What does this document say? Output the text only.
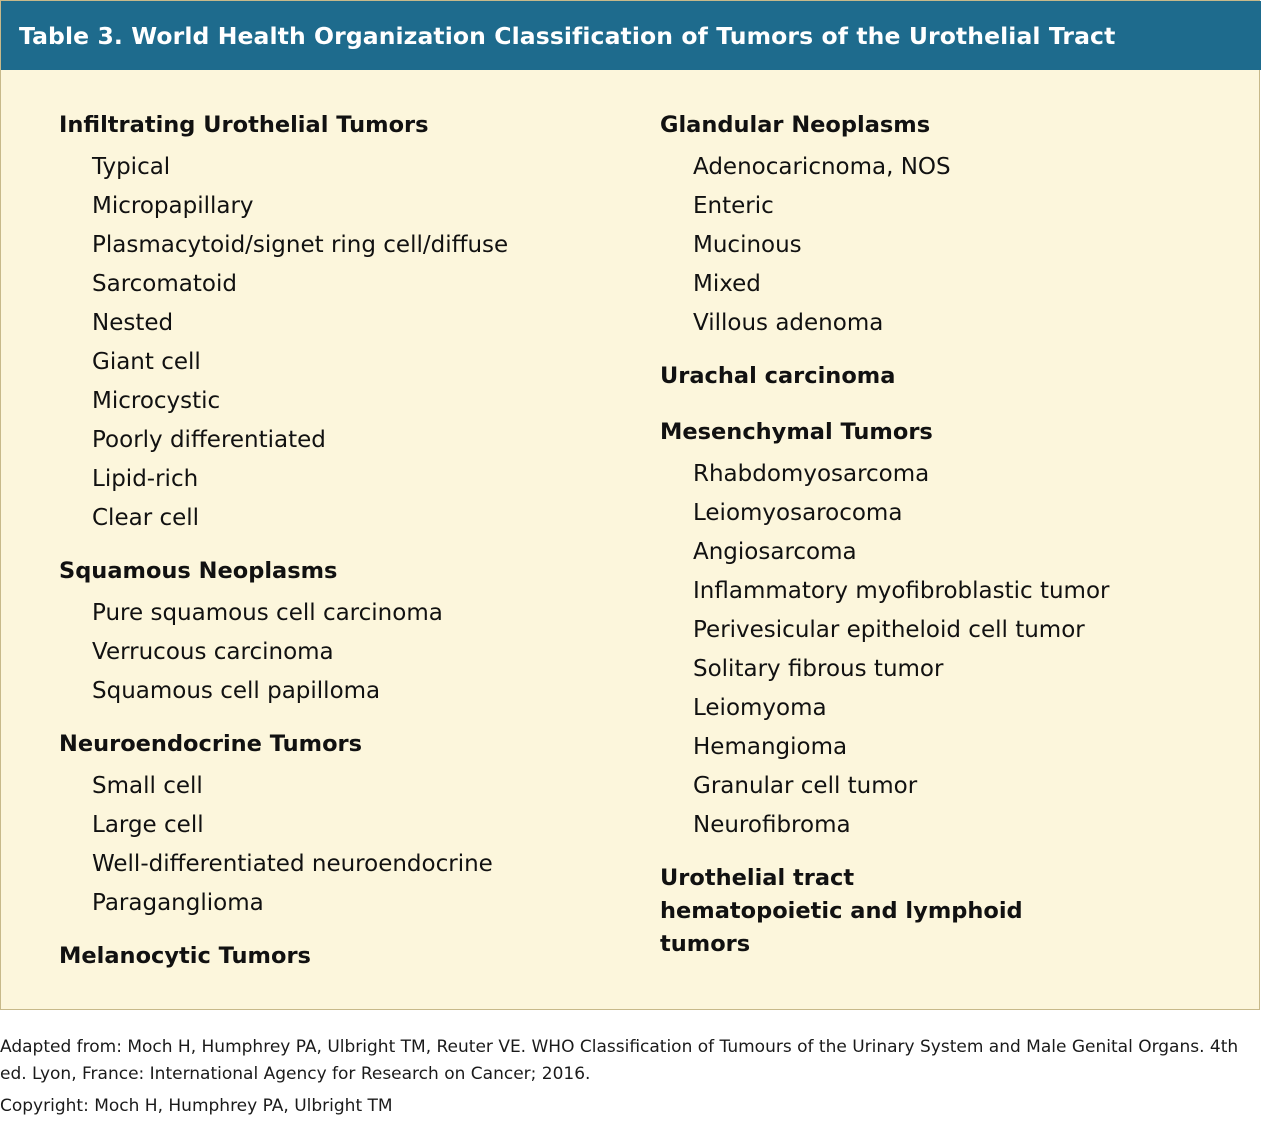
Table 3. World Health Organization Classification of Tumors of the Urothelial Tract
Infiltrating Urothelial Tumors
Typical
Micropapillary
Plasmacytoid/signet ring cell/diffuse
Sarcomatoid
Nested
Giant cell
Microcystic
Poorly differentiated
Lipid-rich
Clear cell
Squamous Neoplasms
Pure squamous cell carcinoma
Verrucous carcinoma
Squamous cell papilloma
Neuroendocrine Tumors
Small cell
Large cell
Well-differentiated neuroendocrine
Paraganglioma
Melanocytic Tumors
Glandular Neoplasms
Adenocaricnoma, NOS
Enteric
Mucinous
Mixed
Villous adenoma
Urachal carcinoma
Mesenchymal Tumors
Rhabdomyosarcoma
Leiomyosarocoma
Angiosarcoma
Inflammatory myofibroblastic tumor
Perivesicular epitheloid cell tumor
Solitary fibrous tumor
Leiomyoma
Hemangioma
Granular cell tumor
Neurofibroma
Urothelial tract hematopoietic and lymphoid tumors
Adapted from: Moch H, Humphrey PA, Ulbright TM, Reuter VE. WHO Classification of Tumours of the Urinary System and Male Genital Organs. 4th ed. Lyon, France: International Agency for Research on Cancer; 2016.
Copyright: Moch H, Humphrey PA, Ulbright TM
